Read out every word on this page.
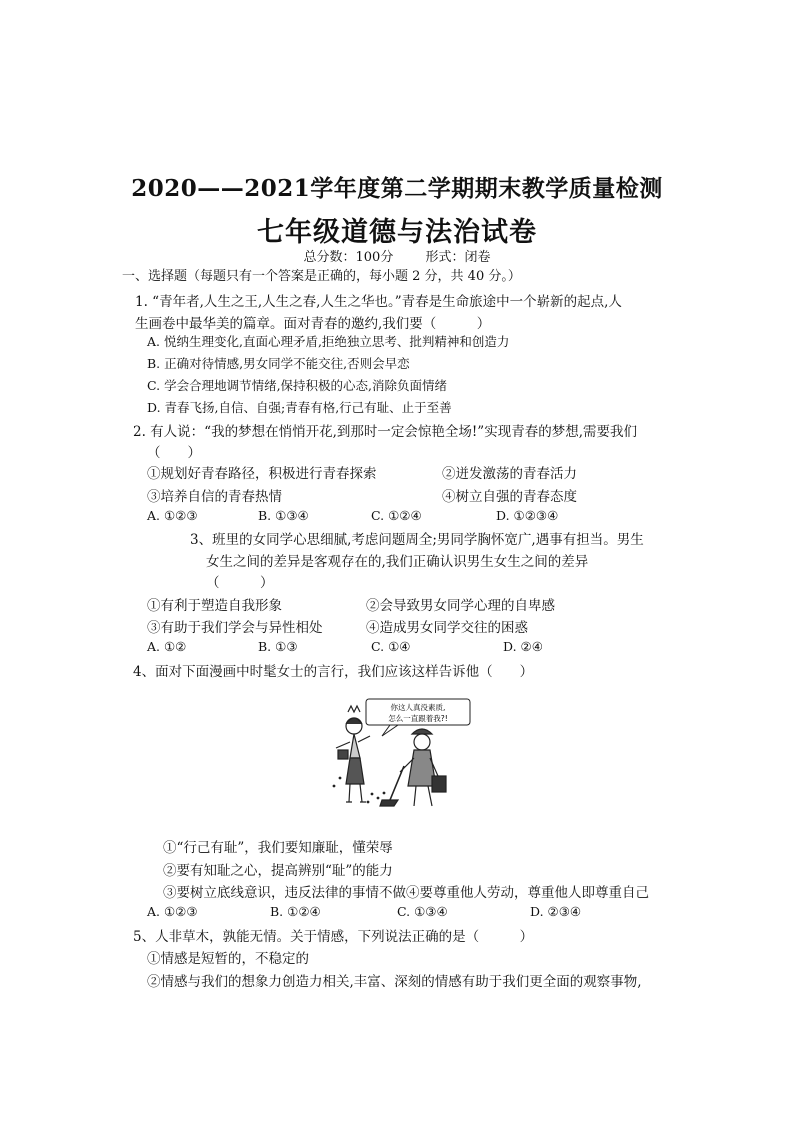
2020——2021学年度第二学期期末教学质量检测
七年级道德与法治试卷
总分数：100分 形式：闭卷
一、选择题（每题只有一个答案是正确的，每小题 2 分，共 40 分。）
1. “青年者,人生之王,人生之春,人生之华也。”青春是生命旅途中一个崭新的起点,人
生画卷中最华美的篇章。面对青春的邀约,我们要（　　　）
A. 悦纳生理变化,直面心理矛盾,拒绝独立思考、批判精神和创造力
B. 正确对待情感,男女同学不能交往,否则会早恋
C. 学会合理地调节情绪,保持积极的心态,消除负面情绪
D. 青春飞扬,自信、自强;青春有格,行己有耻、止于至善
2. 有人说：“我的梦想在悄悄开花,到那时一定会惊艳全场!”实现青春的梦想,需要我们
（　　）
①规划好青春路径，积极进行青春探索	②迸发激荡的青春活力
③培养自信的青春热情	④树立自强的青春态度
A. ①②③	B. ①③④	C. ①②④	D. ①②③④
3、班里的女同学心思细腻,考虑问题周全;男同学胸怀宽广,遇事有担当。男生
女生之间的差异是客观存在的,我们正确认识男生女生之间的差异
（　　　）
①有利于塑造自我形象	②会导致男女同学心理的自卑感
③有助于我们学会与异性相处	④造成男女同学交往的困惑
A. ①②	B. ①③	C. ①④	D. ②④
4、面对下面漫画中时髦女士的言行，我们应该这样告诉他（　　）
你这人真没素质,
怎么一直跟着我?!
①“行己有耻”，我们要知廉耻，懂荣辱
②要有知耻之心，提高辨别“耻”的能力
③要树立底线意识，违反法律的事情不做④要尊重他人劳动，尊重他人即尊重自己
A. ①②③	B. ①②④	C. ①③④	D. ②③④
5、人非草木，孰能无情。关于情感，下列说法正确的是（　　　）
①情感是短暂的，不稳定的
②情感与我们的想象力创造力相关,丰富、深刻的情感有助于我们更全面的观察事物,
